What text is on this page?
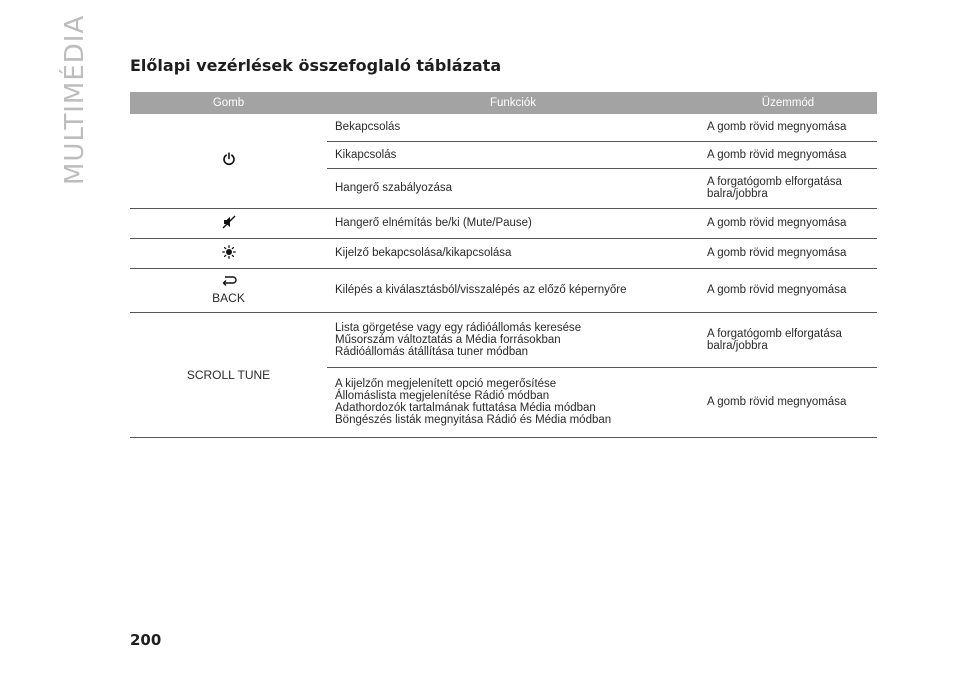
MULTIMÉDIA	Előlapi vezérlések összefoglaló táblázata
Gomb	Funkciók	Üzemmód
	Bekapcsolás	A gomb rövid megnyomása
	Kikapcsolás	A gomb rövid megnyomása
	Hangerő szabályozása	A forgatógomb elforgatása
balra/jobbra
	Hangerő elnémítás be/ki (Mute/Pause)	A gomb rövid megnyomása
	Kijelző bekapcsolása/kikapcsolása	A gomb rövid megnyomása

BACK	Kilépés a kiválasztásból/visszalépés az előző képernyőre	A gomb rövid megnyomása
SCROLL TUNE	Lista görgetése vagy egy rádióállomás keresése
Műsorszám változtatás a Média forrásokban
Rádióállomás átállítása tuner módban	A forgatógomb elforgatása
balra/jobbra
	A kijelzőn megjelenített opció megerősítése
Állomáslista megjelenítése Rádió módban
Adathordozók tartalmának futtatása Média módban
Böngészés listák megnyitása Rádió és Média módban	A gomb rövid megnyomása
200
